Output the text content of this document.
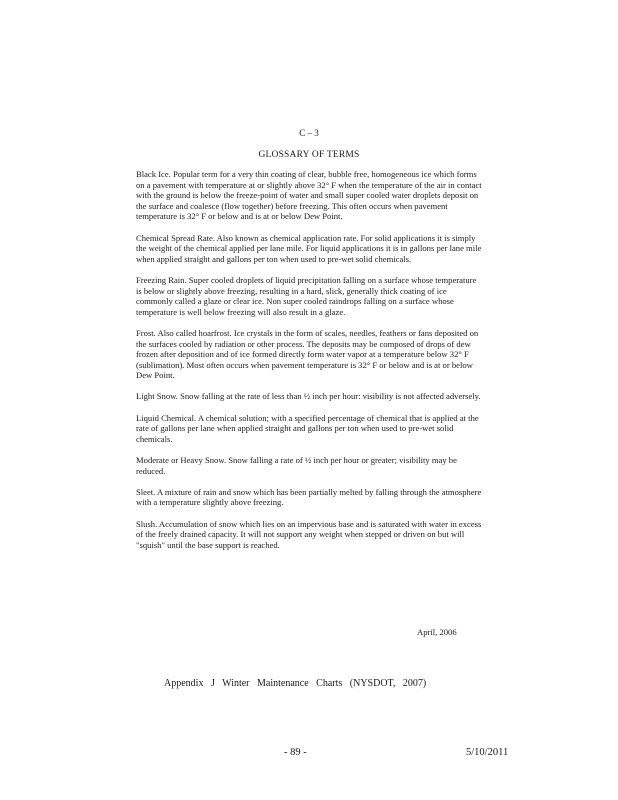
C – 3
GLOSSARY OF TERMS

Black Ice. Popular term for a very thin coating of clear, bubble free, homogeneous ice which forms on a pavement with temperature at or slightly above 32° F when the temperature of the air in contact with the ground is below the freeze-point of water and small super cooled water droplets deposit on the surface and coalesce (flow together) before freezing. This often occurs when pavement temperature is 32° F or below and is at or below Dew Point.

Chemical Spread Rate. Also known as chemical application rate. For solid applications it is simply the weight of the chemical applied per lane mile. For liquid applications it is in gallons per lane mile when applied straight and gallons per ton when used to pre-wet solid chemicals.

Freezing Rain. Super cooled droplets of liquid precipitation falling on a surface whose temperature is below or slightly above freezing, resulting in a hard, slick, generally thick coating of ice commonly called a glaze or clear ice. Non super cooled raindrops falling on a surface whose temperature is well below freezing will also result in a glaze.

Frost. Also called hoarfrost. Ice crystals in the form of scales, needles, feathers or fans deposited on the surfaces cooled by radiation or other process. The deposits may be composed of drops of dew frozen after deposition and of ice formed directly form water vapor at a temperature below 32° F (sublimation). Most often occurs when pavement temperature is 32° F or below and is at or below Dew Point.

Light Snow. Snow falling at the rate of less than ½ inch per hour: visibility is not affected adversely.

Liquid Chemical. A chemical solution; with a specified percentage of chemical that is applied at the rate of gallons per lane when applied straight and gallons per ton when used to pre-wet solid chemicals.

Moderate or Heavy Snow. Snow falling a rate of ½ inch per hour or greater; visibility may be reduced.

Sleet. A mixture of rain and snow which has been partially melted by falling through the atmosphere with a temperature slightly above freezing.

Slush. Accumulation of snow which lies on an impervious base and is saturated with water in excess of the freely drained capacity. It will not support any weight when stepped or driven on but will "squish" until the base support is reached.

April, 2006
Appendix J Winter Maintenance Charts (NYSDOT, 2007)
- 89 -	5/10/2011
